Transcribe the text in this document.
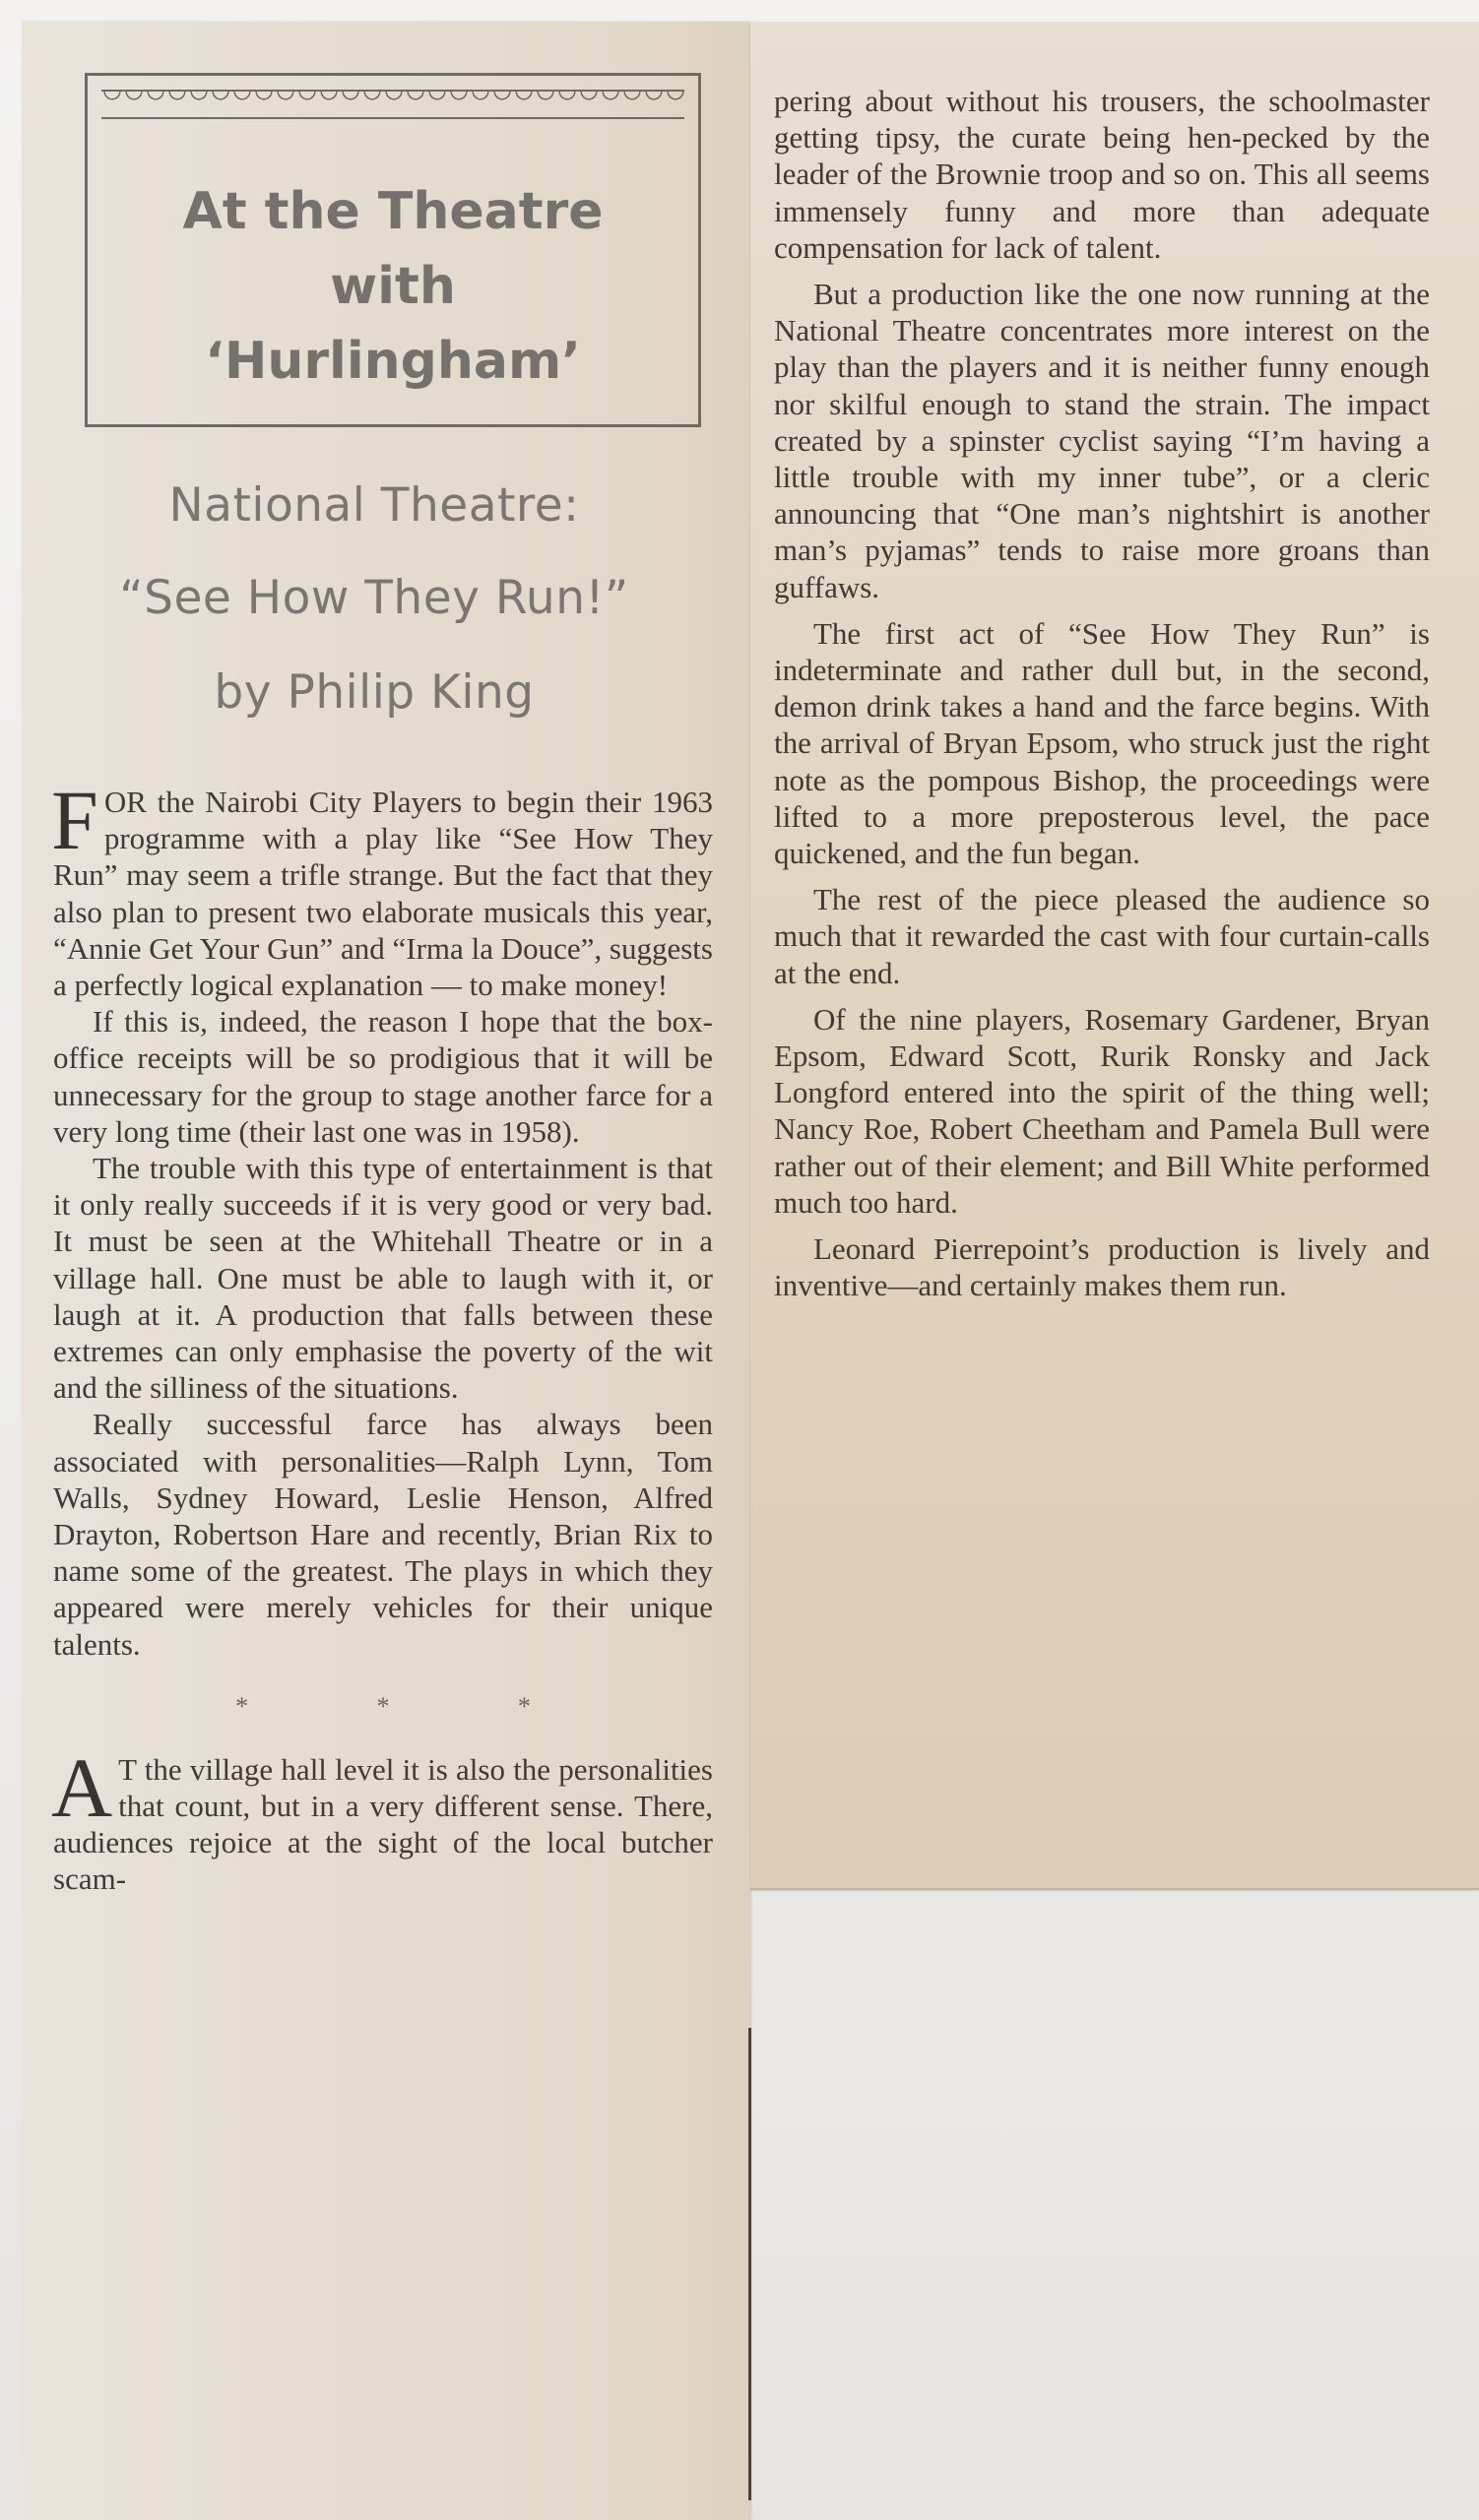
At the Theatre
with
‘Hurlingham’
National Theatre:
“See How They Run!”
by Philip King

FOR the Nairobi City Players to begin their 1963 programme with a play like “See How They Run” may seem a trifle strange. But the fact that they also plan to present two elaborate musicals this year, “Annie Get Your Gun” and “Irma la Douce”, suggests a perfectly logical explanation — to make money!

If this is, indeed, the reason I hope that the box-office receipts will be so prodigious that it will be unnecessary for the group to stage another farce for a very long time (their last one was in 1958).

The trouble with this type of entertainment is that it only really succeeds if it is very good or very bad. It must be seen at the Whitehall Theatre or in a village hall. One must be able to laugh with it, or laugh at it. A production that falls between these extremes can only emphasise the poverty of the wit and the silliness of the situations.

Really successful farce has always been associated with personalities—Ralph Lynn, Tom Walls, Sydney Howard, Leslie Henson, Alfred Drayton, Robertson Hare and recently, Brian Rix to name some of the greatest. The plays in which they appeared were merely vehicles for their unique talents.

*	*	*

A T the village hall level it is also the personalities that count, but in a very different sense. There, audiences rejoice at the sight of the local butcher scam-

pering about without his trousers, the schoolmaster getting tipsy, the curate being hen-pecked by the leader of the Brownie troop and so on. This all seems immensely funny and more than adequate compensation for lack of talent.

But a production like the one now running at the National Theatre concentrates more interest on the play than the players and it is neither funny enough nor skilful enough to stand the strain. The impact created by a spinster cyclist saying “I’m having a little trouble with my inner tube”, or a cleric announcing that “One man’s nightshirt is another man’s pyjamas” tends to raise more groans than guffaws.

The first act of “See How They Run” is indeterminate and rather dull but, in the second, demon drink takes a hand and the farce begins. With the arrival of Bryan Epsom, who struck just the right note as the pompous Bishop, the proceedings were lifted to a more preposterous level, the pace quickened, and the fun began.

The rest of the piece pleased the audience so much that it rewarded the cast with four curtain-calls at the end.

Of the nine players, Rosemary Gardener, Bryan Epsom, Edward Scott, Rurik Ronsky and Jack Longford entered into the spirit of the thing well; Nancy Roe, Robert Cheetham and Pamela Bull were rather out of their element; and Bill White performed much too hard.

Leonard Pierrepoint’s production is lively and inventive—and certainly makes them run.
